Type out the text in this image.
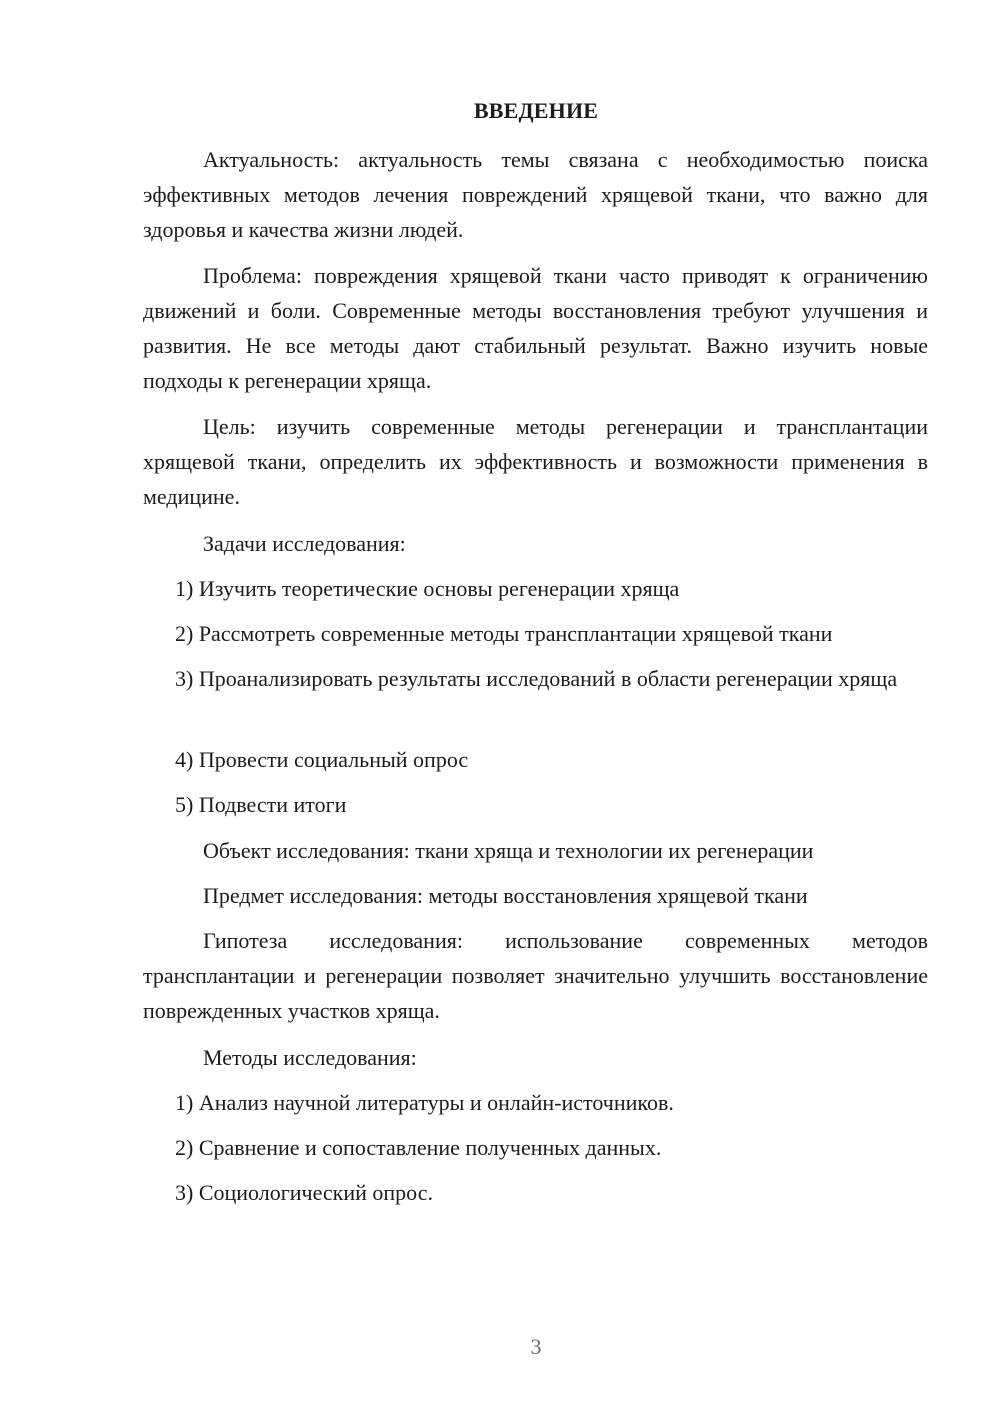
ВВЕДЕНИЕ

Актуальность: актуальность темы связана с необходимостью поиска эффективных методов лечения повреждений хрящевой ткани, что важно для здоровья и качества жизни людей.

Проблема: повреждения хрящевой ткани часто приводят к ограничению движений и боли. Современные методы восстановления требуют улучшения и развития. Не все методы дают стабильный результат. Важно изучить новые подходы к регенерации хряща.

Цель: изучить современные методы регенерации и трансплантации хрящевой ткани, определить их эффективность и возможности применения в медицине.

Задачи исследования:

1) Изучить теоретические основы регенерации хряща

2) Рассмотреть современные методы трансплантации хрящевой ткани

3) Проанализировать результаты исследований в области регенерации хряща

4) Провести социальный опрос

5) Подвести итоги

Объект исследования: ткани хряща и технологии их регенерации

Предмет исследования: методы восстановления хрящевой ткани

Гипотеза исследования: использование современных методов трансплантации и регенерации позволяет значительно улучшить восстановление поврежденных участков хряща.

Методы исследования:

1) Анализ научной литературы и онлайн-источников.

2) Сравнение и сопоставление полученных данных.

3) Социологический опрос.

3
